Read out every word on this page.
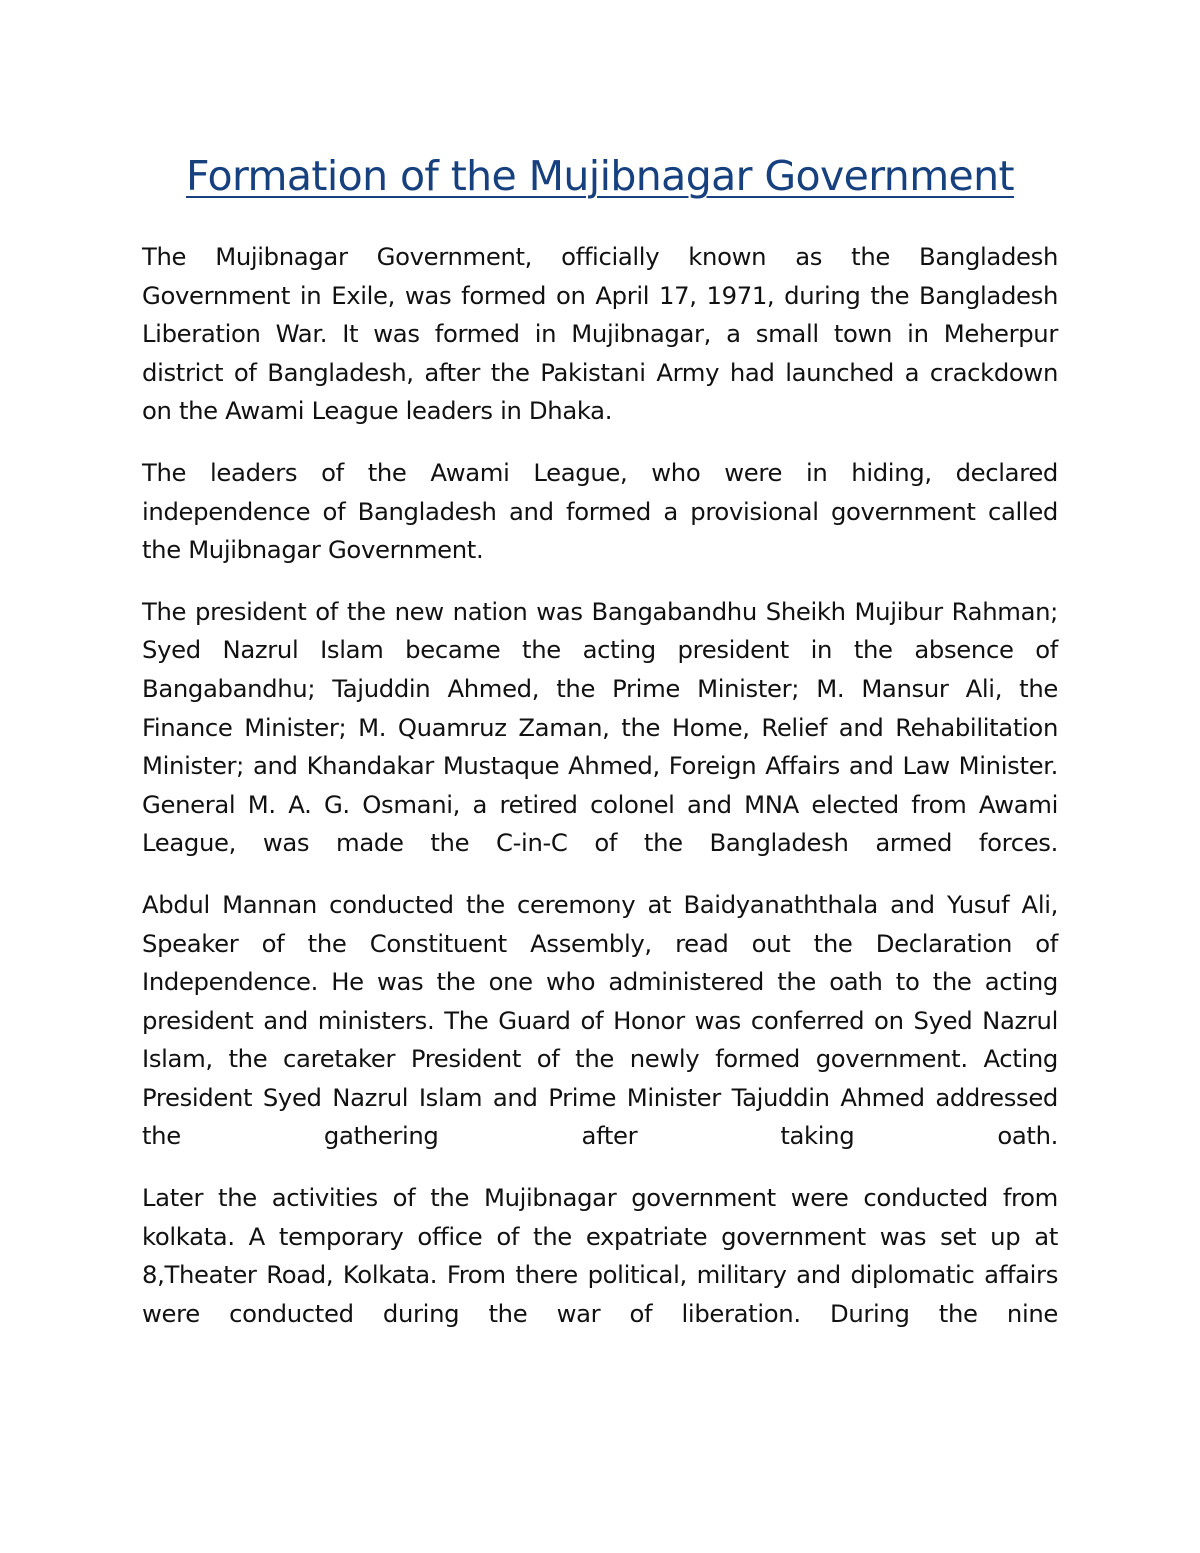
Formation of the Mujibnagar Government

The Mujibnagar Government, officially known as the Bangladesh Government in Exile, was formed on April 17, 1971, during the Bangladesh Liberation War. It was formed in Mujibnagar, a small town in Meherpur district of Bangladesh, after the Pakistani Army had launched a crackdown on the Awami League leaders in Dhaka.

The leaders of the Awami League, who were in hiding, declared independence of Bangladesh and formed a provisional government called the Mujibnagar Government.

The president of the new nation was Bangabandhu Sheikh Mujibur Rahman; Syed Nazrul Islam became the acting president in the absence of Bangabandhu; Tajuddin Ahmed, the Prime Minister; M. Mansur Ali, the Finance Minister; M. Quamruz Zaman, the Home, Relief and Rehabilitation Minister; and Khandakar Mustaque Ahmed, Foreign Affairs and Law Minister. General M. A. G. Osmani, a retired colonel and MNA elected from Awami League, was made the C-in-C of the Bangladesh armed forces.

Abdul Mannan conducted the ceremony at Baidyanaththala and Yusuf Ali, Speaker of the Constituent Assembly, read out the Declaration of Independence. He was the one who administered the oath to the acting president and ministers. The Guard of Honor was conferred on Syed Nazrul Islam, the caretaker President of the newly formed government. Acting President Syed Nazrul Islam and Prime Minister Tajuddin Ahmed addressed the gathering after taking oath.

Later the activities of the Mujibnagar government were conducted from kolkata. A temporary office of the expatriate government was set up at 8,Theater Road, Kolkata. From there political, military and diplomatic affairs were conducted during the war of liberation. During the nine
